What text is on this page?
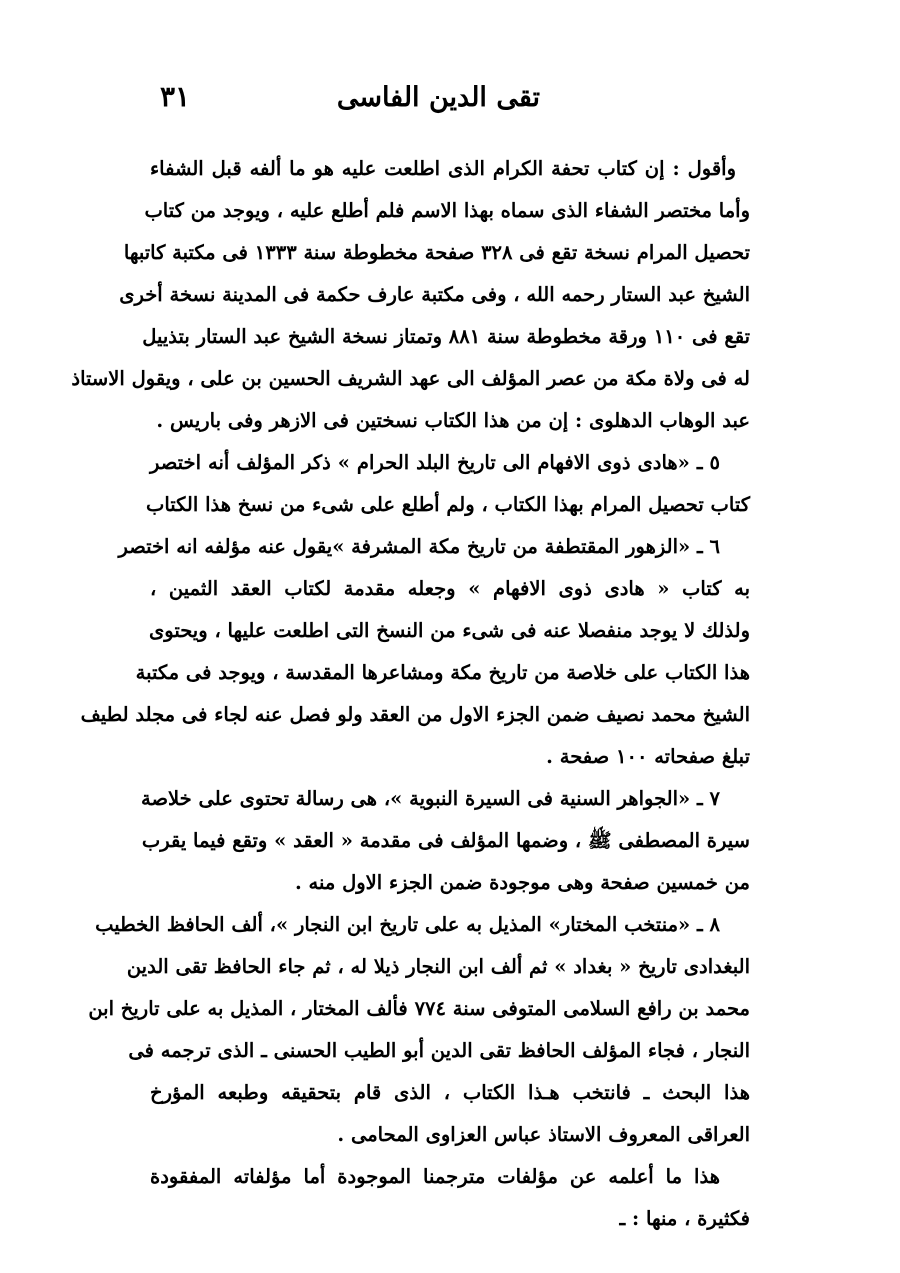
تقى الدين الفاسى
٣١
وأقول : إن كتاب تحفة الكرام الذى اطلعت عليه هو ما ألفه قبل الشفاء
وأما مختصر الشفاء الذى سماه بهذا الاسم فلم أطلع عليه ، ويوجد من كتاب
تحصيل المرام نسخة تقع فى ٣٢٨ صفحة مخطوطة سنة ١٣٣٣ فى مكتبة كاتبها
الشيخ عبد الستار رحمه الله ، وفى مكتبة عارف حكمة فى المدينة نسخة أخرى
تقع فى ١١٠ ورقة مخطوطة سنة ٨٨١ وتمتاز نسخة الشيخ عبد الستار بتذييل
له فى ولاة مكة من عصر المؤلف الى عهد الشريف الحسين بن على ، ويقول الاستاذ
عبد الوهاب الدهلوى : إن من هذا الكتاب نسختين فى الازهر وفى باريس .
٥ ـ «هادى ذوى الافهام الى تاريخ البلد الحرام » ذكر المؤلف أنه اختصر
كتاب تحصيل المرام بهذا الكتاب ، ولم أطلع على شىء من نسخ هذا الكتاب
٦ ـ «الزهور المقتطفة من تاريخ مكة المشرفة »يقول عنه مؤلفه انه اختصر
به كتاب « هادى ذوى الافهام » وجعله مقدمة لكتاب العقد الثمين ،
ولذلك لا يوجد منفصلا عنه فى شىء من النسخ التى اطلعت عليها ، ويحتوى
هذا الكتاب على خلاصة من تاريخ مكة ومشاعرها المقدسة ، ويوجد فى مكتبة
الشيخ محمد نصيف ضمن الجزء الاول من العقد ولو فصل عنه لجاء فى مجلد لطيف
تبلغ صفحاته ١٠٠ صفحة .
٧ ـ «الجواهر السنية فى السيرة النبوية »، هى رسالة تحتوى على خلاصة
سيرة المصطفى ﷺ ، وضمها المؤلف فى مقدمة « العقد » وتقع فيما يقرب
من خمسين صفحة وهى موجودة ضمن الجزء الاول منه .
٨ ـ «منتخب المختار» المذيل به على تاريخ ابن النجار »، ألف الحافظ الخطيب
البغدادى تاريخ « بغداد » ثم ألف ابن النجار ذيلا له ، ثم جاء الحافظ تقى الدين
محمد بن رافع السلامى المتوفى سنة ٧٧٤ فألف المختار ، المذيل به على تاريخ ابن
النجار ، فجاء المؤلف الحافظ تقى الدين أبو الطيب الحسنى ـ الذى ترجمه فى
هذا البحث ـ فانتخب هـذا الكتاب ، الذى قام بتحقيقه وطبعه المؤرخ
العراقى المعروف الاستاذ عباس العزاوى المحامى .
هذا ما أعلمه عن مؤلفات مترجمنا الموجودة أما مؤلفاته المفقودة
فكثيرة ، منها : ـ
